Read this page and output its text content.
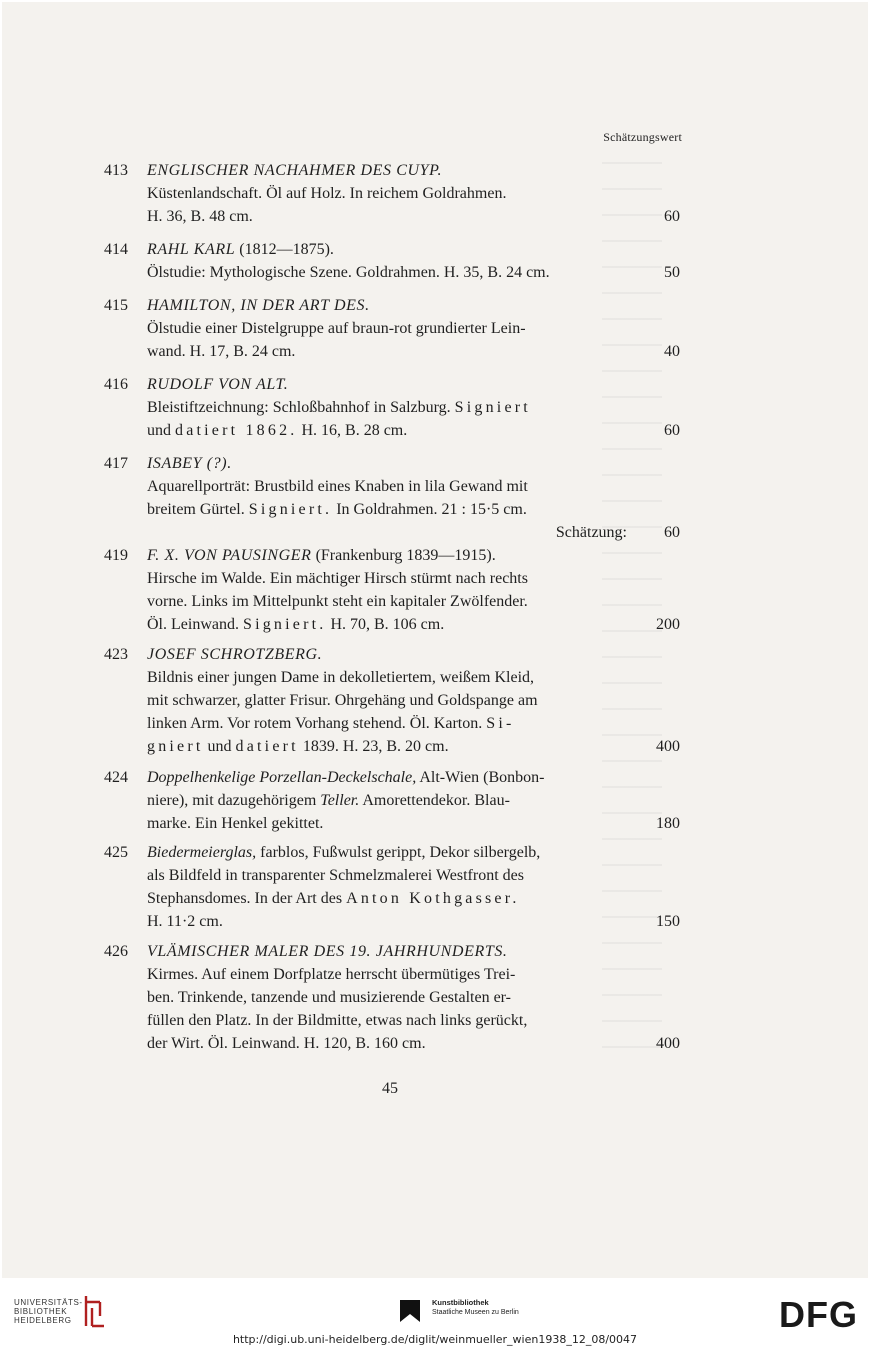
Schätzungswert
413	ENGLISCHER NACHAHMER DES CUYP.
Küstenlandschaft. Öl auf Holz. In reichem Goldrahmen.
H. 36, B. 48 cm.	60
414	RAHL KARL (1812—1875).
Ölstudie: Mythologische Szene. Goldrahmen. H. 35, B. 24 cm.	50
415	HAMILTON, IN DER ART DES.
Ölstudie einer Distelgruppe auf braun-rot grundierter Lein-
wand. H. 17, B. 24 cm.	40
416	RUDOLF VON ALT.
Bleistiftzeichnung: Schloßbahnhof in Salzburg. Signiert
und datiert 1862. H. 16, B. 28 cm.	60
417	ISABEY (?).
Aquarellporträt: Brustbild eines Knaben in lila Gewand mit
breitem Gürtel. Signiert. In Goldrahmen. 21 : 15·5 cm.
Schätzung:	60
419	F. X. VON PAUSINGER (Frankenburg 1839—1915).
Hirsche im Walde. Ein mächtiger Hirsch stürmt nach rechts
vorne. Links im Mittelpunkt steht ein kapitaler Zwölfender.
Öl. Leinwand. Signiert. H. 70, B. 106 cm.	200
423	JOSEF SCHROTZBERG.
Bildnis einer jungen Dame in dekolletiertem, weißem Kleid,
mit schwarzer, glatter Frisur. Ohrgehäng und Goldspange am
linken Arm. Vor rotem Vorhang stehend. Öl. Karton. Si-
gniert und datiert 1839. H. 23, B. 20 cm.	400
424	Doppelhenkelige Porzellan-Deckelschale, Alt-Wien (Bonbon-
niere), mit dazugehörigem Teller. Amorettendekor. Blau-
marke. Ein Henkel gekittet.	180
425	Biedermeierglas, farblos, Fußwulst gerippt, Dekor silbergelb,
als Bildfeld in transparenter Schmelzmalerei Westfront des
Stephansdomes. In der Art des Anton Kothgasser.
H. 11·2 cm.	150
426	VLÄMISCHER MALER DES 19. JAHRHUNDERTS.
Kirmes. Auf einem Dorfplatze herrscht übermütiges Trei-
ben. Trinkende, tanzende und musizierende Gestalten er-
füllen den Platz. In der Bildmitte, etwas nach links gerückt,
der Wirt. Öl. Leinwand. H. 120, B. 160 cm.	400
45
UNIVERSITÄTS-
BIBLIOTHEK
HEIDELBERG
Kunstbibliothek
Staatliche Museen zu Berlin	DFG
http://digi.ub.uni-heidelberg.de/diglit/weinmueller_wien1938_12_08/0047
